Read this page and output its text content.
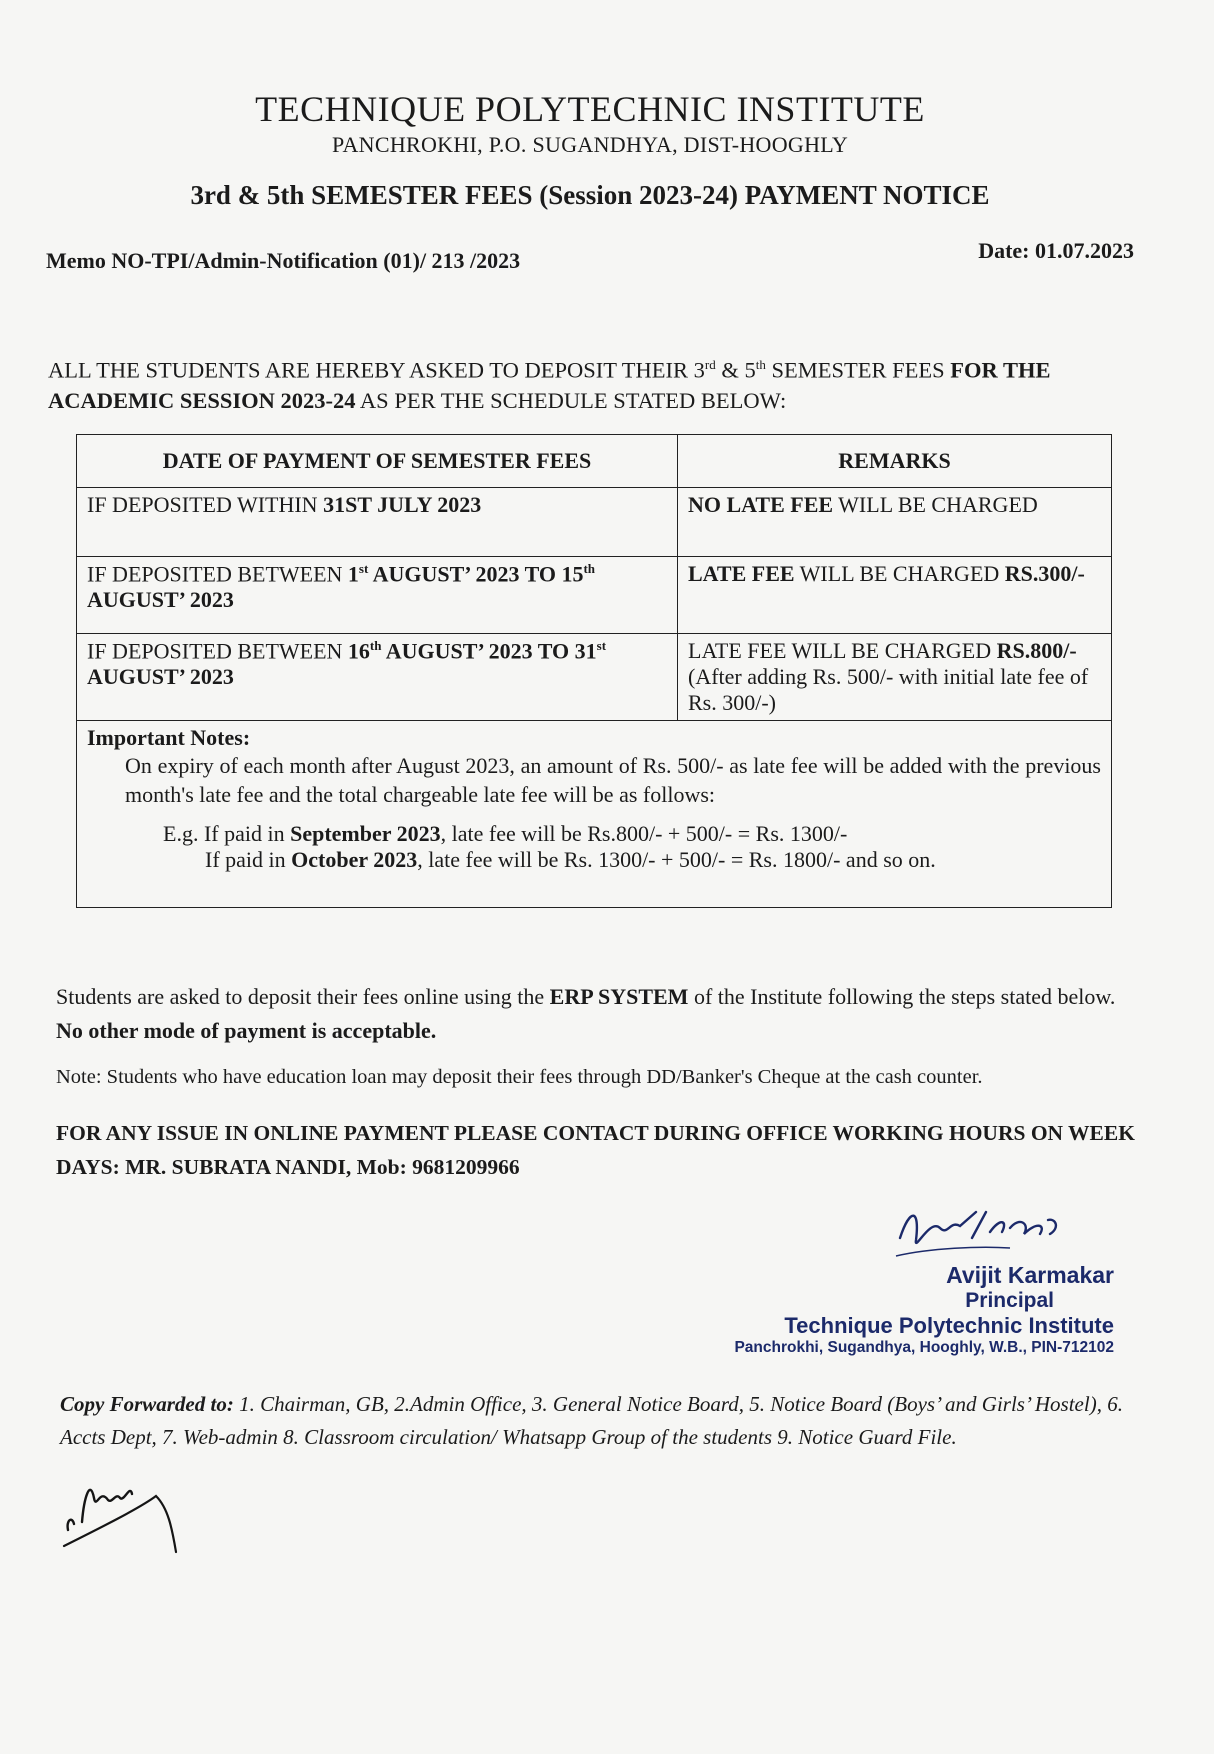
TECHNIQUE POLYTECHNIC INSTITUTE
PANCHROKHI, P.O. SUGANDHYA, DIST-HOOGHLY
3rd & 5th SEMESTER FEES (Session 2023-24) PAYMENT NOTICE
Memo NO-TPI/Admin-Notification (01)/ 213 /2023	Date: 01.07.2023
ALL THE STUDENTS ARE HEREBY ASKED TO DEPOSIT THEIR 3rd & 5th SEMESTER FEES FOR THE ACADEMIC SESSION 2023-24 AS PER THE SCHEDULE STATED BELOW:
DATE OF PAYMENT OF SEMESTER FEES	REMARKS
IF DEPOSITED WITHIN 31ST JULY 2023	NO LATE FEE WILL BE CHARGED
IF DEPOSITED BETWEEN 1st AUGUST’ 2023 TO 15th AUGUST’ 2023	LATE FEE WILL BE CHARGED RS.300/-
IF DEPOSITED BETWEEN 16th AUGUST’ 2023 TO 31st AUGUST’ 2023	LATE FEE WILL BE CHARGED RS.800/- (After adding Rs. 500/- with initial late fee of Rs. 300/-)

Important Notes:
On expiry of each month after August 2023, an amount of Rs. 500/- as late fee will be added with the previous month's late fee and the total chargeable late fee will be as follows:
E.g. If paid in September 2023, late fee will be Rs.800/- + 500/- = Rs. 1300/-
If paid in October 2023, late fee will be Rs. 1300/- + 500/- = Rs. 1800/- and so on.	
Students are asked to deposit their fees online using the ERP SYSTEM of the Institute following the steps stated below. No other mode of payment is acceptable.
Note: Students who have education loan may deposit their fees through DD/Banker's Cheque at the cash counter.
FOR ANY ISSUE IN ONLINE PAYMENT PLEASE CONTACT DURING OFFICE WORKING HOURS ON WEEK DAYS: MR. SUBRATA NANDI, Mob: 9681209966
Avijit Karmakar
Principal
Technique Polytechnic Institute
Panchrokhi, Sugandhya, Hooghly, W.B., PIN-712102
Copy Forwarded to: 1. Chairman, GB, 2.Admin Office, 3. General Notice Board, 5. Notice Board (Boys’ and Girls’ Hostel), 6. Accts Dept, 7. Web-admin 8. Classroom circulation/ Whatsapp Group of the students 9. Notice Guard File.
